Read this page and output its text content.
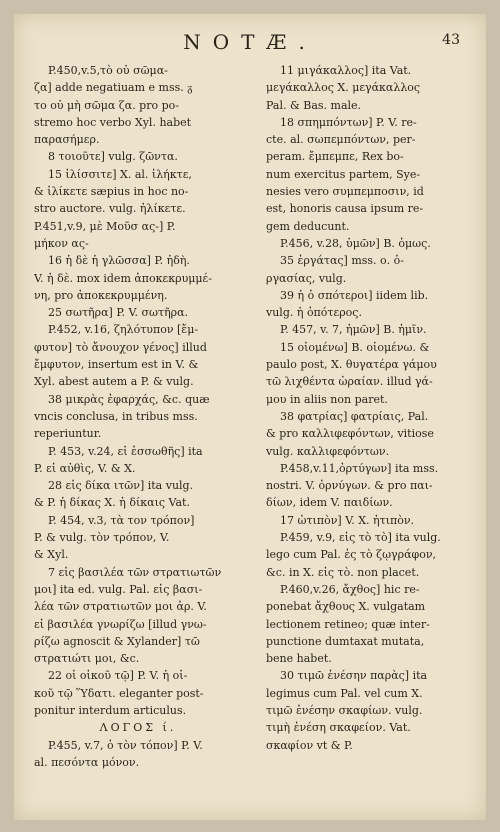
NOTÆ.	43
P.450,v.5,τὸ οὐ σῶμα-
ζα] adde negatiuam e mss. ᵹ
το οὐ μὴ σῶμα ζα. pro po-
stremo hoc verbo Xyl. habet
παρασήμερ.
8 τοιοῦτε] vulg. ζῶντα.
15 ἰλίσσιτε] X. al. ἰλήκτε,
& ἰλίκετε sæpius in hoc no-
stro auctore. vulg. ἠλίκετε.
P.451,v.9, μὲ Μοῦσ ας-] P.
μήκον ας-
16 ἡ δὲ ἡ γλῶσσα] P. ἡδὴ.
V. ἡ δὲ. mox idem ἀποκεκρυμμέ-
νη, pro ἀποκεκρυμμένη.
25 σωτῆρα] P. V. σωτῆρα.
P.452, v.16, ζηλότυπον [ἔμ-
φυτον] τὸ ἄνουχον γένος] illud
ἔμφυτον, insertum est in V. &
Xyl. abest autem a P. & vulg.
38 μικρὰς ἐφαρχάς, &c. quæ
vncis conclusa, in tribus mss.
reperiuntur.
P. 453, v.24, εἰ ἐσσωθῆς] ita
P. εἰ αὐθὶς, V. & X.
28 εἰς δίκα ιτῶν] ita vulg.
& P. ἡ δίκας X. ἡ δίκαις Vat.
P. 454, v.3, τὰ τον τρόπον]
P. & vulg. τὸν τρόπον, V.
& Xyl.
7 εἰς βασιλέα τῶν στρατιωτῶν
μοι] ita ed. vulg. Pal. εἰς βασι-
λέα τῶν στρατιωτῶν μοι ἀρ. V.
εἰ βασιλέα γνωρίζω [illud γνω-
ρίζω agnoscit & Xylander] τῶ
στρατιώτι μοι, &c.
22 οἱ οἰκοῦ τῷ] P. V. ἡ οἱ-
κοῦ τῷ Ὕδατι. eleganter post-
ponitur interdum articulus.
ΛΟΓΟΣ ί.
P.455, v.7, ὁ τὸν τόπον] P. V.
al. πεσόντα μόνον.
11 μιγάκαλλος] ita Vat.
μεγάκαλλος X. μεγάκαλλος
Pal. & Bas. male.
18 σπημπόντων] P. V. re-
cte. al. σωπεμπόντων, per-
peram. ἔμπεμπε, Rex bo-
num exercitus partem, Sye-
nesies vero συμπεμποσιν, id
est, honoris causa ipsum re-
gem deducunt.
P.456, v.28, ὑμῶν] B. ὁμως.
35 ἐργάτας] mss. ο. ὁ-
ργασίας, vulg.
39 ἡ ὁ σπότεροι] iidem lib.
vulg. ἡ ὁπότερος.
P. 457, v. 7, ἡμῶν] B. ἡμῖν.
15 οἰομένω] B. οἰομένω. &
paulo post, X. θυγατέρα γάμου
τῶ λιχθέντα ὡραίαν. illud γά-
μου in aliis non paret.
38 φατρίας] φατρίαις, Pal.
& pro καλλιφεφόντων, vitiose
vulg. καλλιφεφόντων.
P.458,v.11,ὀρτύγων] ita mss.
nostri. V. ὀρνύγων. & pro παι-
δίων, idem V. παιδίων.
17 ὠτιπὸν] V. X. ἠτιπὸν.
P.459, v.9, εἰς τὸ τὸ] ita vulg.
lego cum Pal. ἐς τὸ ζῳγράφον,
&c. in X. εἰς τὸ. non placet.
P.460,v.26, ἄχθος] hic re-
ponebat ἄχθους X. vulgatam
lectionem retineo; quæ inter-
punctione dumtaxat mutata,
bene habet.
30 τιμῶ ἐνέσην παρὰς] ita
legimus cum Pal. vel cum X.
τιμῶ ἐνέσην σκαφίων. vulg.
τιμὴ ἐνέση σκαφείον. Vat.
σκαφίον vt & P.
